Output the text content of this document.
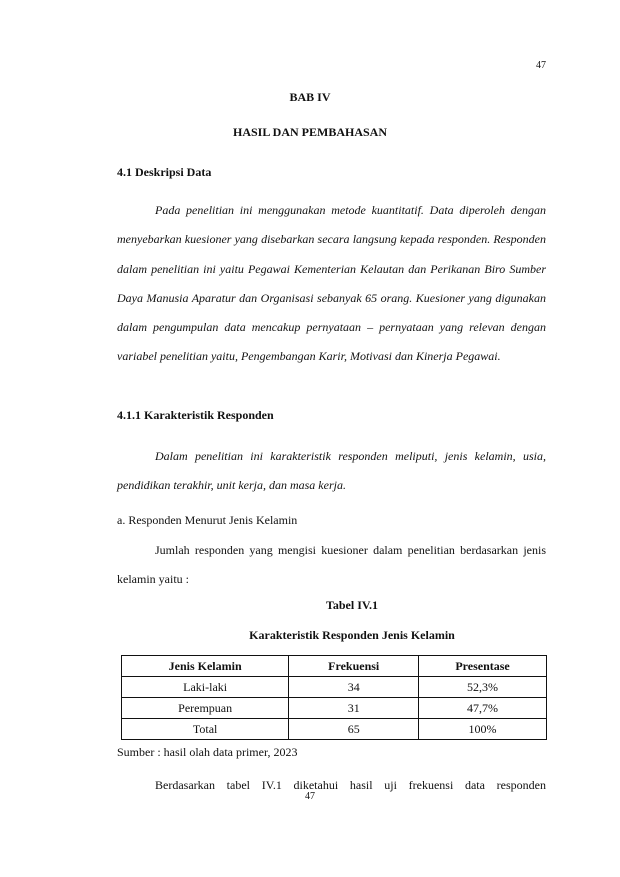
47
BAB IV
HASIL DAN PEMBAHASAN
4.1 Deskripsi Data
Pada penelitian ini menggunakan metode kuantitatif. Data diperoleh dengan menyebarkan kuesioner yang disebarkan secara langsung kepada responden. Responden dalam penelitian ini yaitu Pegawai Kementerian Kelautan dan Perikanan Biro Sumber Daya Manusia Aparatur dan Organisasi sebanyak 65 orang. Kuesioner yang digunakan dalam pengumpulan data mencakup pernyataan – pernyataan yang relevan dengan variabel penelitian yaitu, Pengembangan Karir, Motivasi dan Kinerja Pegawai.
4.1.1 Karakteristik Responden
Dalam penelitian ini karakteristik responden meliputi, jenis kelamin, usia, pendidikan terakhir, unit kerja, dan masa kerja.
a. Responden Menurut Jenis Kelamin
Jumlah responden yang mengisi kuesioner dalam penelitian berdasarkan jenis kelamin yaitu :
Tabel IV.1
Karakteristik Responden Jenis Kelamin
Jenis Kelamin	Frekuensi	Presentase
Laki-laki	34	52,3%
Perempuan	31	47,7%
Total	65	100%
Sumber : hasil olah data primer, 2023
Berdasarkan tabel IV.1 diketahui hasil uji frekuensi data responden
47
